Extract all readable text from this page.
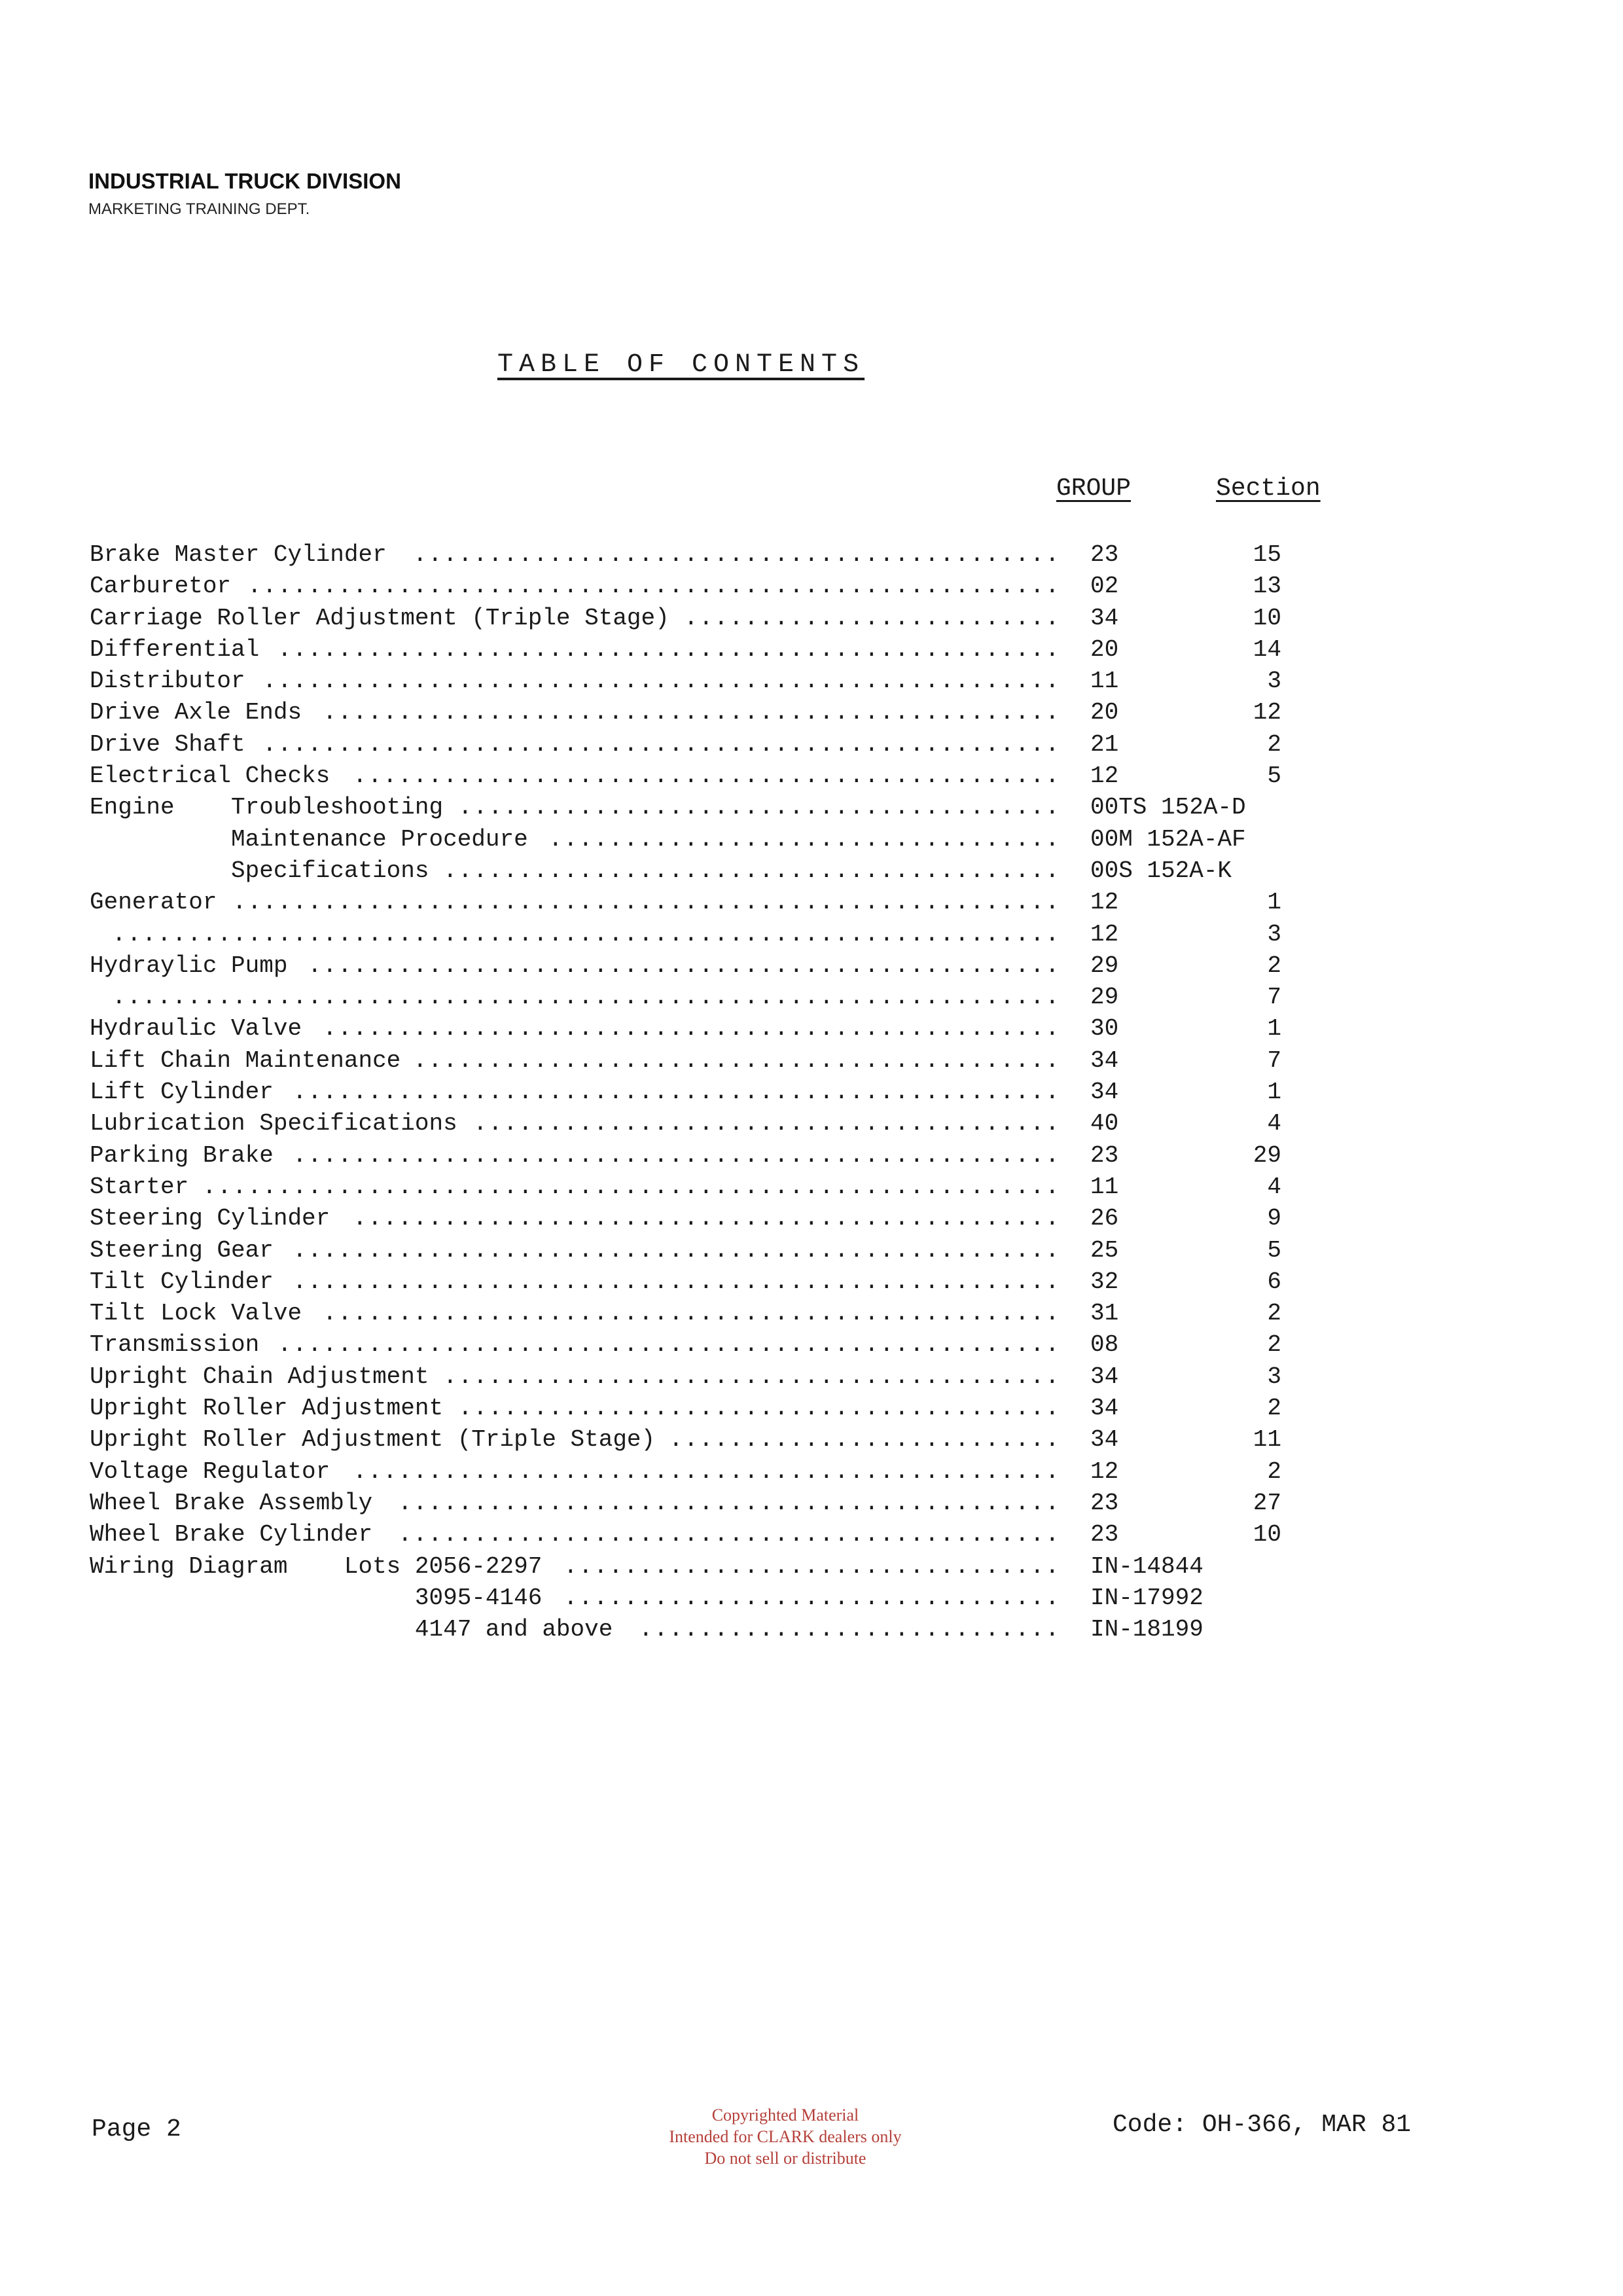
INDUSTRIAL TRUCK DIVISION
MARKETING TRAINING DEPT.
TABLE OF CONTENTS
GROUP	Section
Brake Master Cylinder ........................................... 23	15
Carburetor ...................................................... 02	13
Carriage Roller Adjustment (Triple Stage) ......................... 34	10
Differential .................................................... 20	14
Distributor ..................................................... 11	3
Drive Axle Ends ................................................. 20	12
Drive Shaft ..................................................... 21	2
Electrical Checks ............................................... 12	5
Engine    Troubleshooting ........................................ 00TS 152A-D
Maintenance Procedure .................................. 00M 152A-AF
Specifications ......................................... 00S 152A-K
Generator ....................................................... 12	1
............................................................... 12	3
Hydraylic Pump .................................................. 29	2
............................................................... 29	7
Hydraulic Valve ................................................. 30	1
Lift Chain Maintenance ........................................... 34	7
Lift Cylinder ................................................... 34	1
Lubrication Specifications ....................................... 40	4
Parking Brake ................................................... 23	29
Starter ......................................................... 11	4
Steering Cylinder ............................................... 26	9
Steering Gear ................................................... 25	5
Tilt Cylinder ................................................... 32	6
Tilt Lock Valve ................................................. 31	2
Transmission .................................................... 08	2
Upright Chain Adjustment ......................................... 34	3
Upright Roller Adjustment ........................................ 34	2
Upright Roller Adjustment (Triple Stage) .......................... 34	11
Voltage Regulator ............................................... 12	2
Wheel Brake Assembly ............................................ 23	27
Wheel Brake Cylinder ............................................ 23	10
Wiring Diagram    Lots 2056-2297 ................................. IN-14844
3095-4146 ................................. IN-17992
4147 and above ............................ IN-18199
Page 2
Copyrighted Material
Intended for CLARK dealers only
Do not sell or distribute
Code: OH-366, MAR 81
